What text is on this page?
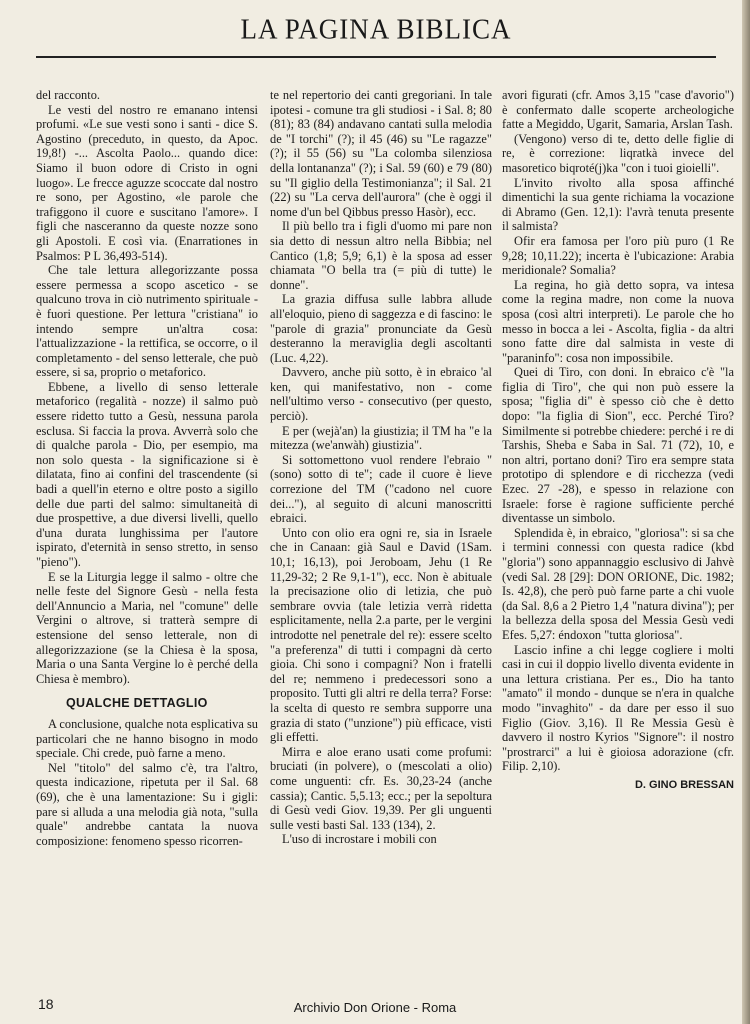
LA PAGINA BIBLICA

del racconto.

Le vesti del nostro re emanano intensi profumi. «Le sue vesti sono i santi - dice S. Agostino (preceduto, in questo, da Apoc. 19,8!) -... Ascolta Paolo... quando dice: Siamo il buon odore di Cristo in ogni luogo». Le frecce aguzze scoccate dal nostro re sono, per Agostino, «le parole che trafiggono il cuore e suscitano l'amore». I figli che nasceranno da queste nozze sono gli Apostoli. E così via. (Enarrationes in Psalmos: P L 36,493-514).

Che tale lettura allegorizzante possa essere permessa a scopo ascetico - se qualcuno trova in ciò nutrimento spirituale - è fuori questione. Per lettura "cristiana" io intendo sempre un'altra cosa: l'attualizzazione - la rettifica, se occorre, o il completamento - del senso letterale, che può essere, si sa, proprio o metaforico.

Ebbene, a livello di senso letterale metaforico (regalità - nozze) il salmo può essere ridetto tutto a Gesù, nessuna parola esclusa. Si faccia la prova. Avverrà solo che di qualche parola - Dio, per esempio, ma non solo questa - la significazione si è dilatata, fino ai confini del trascendente (si badi a quell'in eterno e oltre posto a sigillo delle due parti del salmo: simultaneità di due prospettive, a due diversi livelli, quello d'una durata lunghissima per l'autore ispirato, d'eternità in senso stretto, in senso "pieno").

E se la Liturgia legge il salmo - oltre che nelle feste del Signore Gesù - nella festa dell'Annuncio a Maria, nel "comune" delle Vergini o altrove, si tratterà sempre di estensione del senso letterale, non di allegorizzazione (se la Chiesa è la sposa, Maria o una Santa Vergine lo è perché della Chiesa è membro).

QUALCHE DETTAGLIO

A conclusione, qualche nota esplicativa su particolari che ne hanno bisogno in modo speciale. Chi crede, può farne a meno.

Nel "titolo" del salmo c'è, tra l'altro, questa indicazione, ripetuta per il Sal. 68 (69), che è una lamentazione: Su i gigli: pare si alluda a una melodia già nota, "sulla quale" andrebbe cantata la nuova composizione: fenomeno spesso ricorren-

te nel repertorio dei canti gregoriani. In tale ipotesi - comune tra gli studiosi - i Sal. 8; 80 (81); 83 (84) andavano cantati sulla melodia de "I torchi" (?); il 45 (46) su "Le ragazze" (?); il 55 (56) su "La colomba silenziosa della lontananza" (?); i Sal. 59 (60) e 79 (80) su "Il giglio della Testimonianza"; il Sal. 21 (22) su "La cerva dell'aurora" (che è oggi il nome d'un bel Qibbus presso Hasòr), ecc.

Il più bello tra i figli d'uomo mi pare non sia detto di nessun altro nella Bibbia; nel Cantico (1,8; 5,9; 6,1) è la sposa ad esser chiamata "O bella tra (= più di tutte) le donne".

La grazia diffusa sulle labbra allude all'eloquio, pieno di saggezza e di fascino: le "parole di grazia" pronunciate da Gesù desteranno la meraviglia degli ascoltanti (Luc. 4,22).

Davvero, anche più sotto, è in ebraico 'al ken, qui manifestativo, non - come nell'ultimo verso - consecutivo (per questo, perciò).

E per (wejà'an) la giustizia; il TM ha "e la mitezza (we'anwàh) giustizia".

Si sottomettono vuol rendere l'ebraio "(sono) sotto di te"; cade il cuore è lieve correzione del TM ("cadono nel cuore dei..."), al seguito di alcuni manoscritti ebraici.

Unto con olio era ogni re, sia in Israele che in Canaan: già Saul e David (1Sam. 10,1; 16,13), poi Jeroboam, Jehu (1 Re 11,29-32; 2 Re 9,1-1"), ecc. Non è abituale la precisazione olio di letizia, che può sembrare ovvia (tale letizia verrà ridetta esplicitamente, nella 2.a parte, per le vergini introdotte nel penetrale del re): essere scelto "a preferenza" di tutti i compagni dà certo gioia. Chi sono i compagni? Non i fratelli del re; nemmeno i predecessori sono a proposito. Tutti gli altri re della terra? Forse: la scelta di questo re sembra supporre una grazia di stato ("unzione") più efficace, visti gli effetti.

Mirra e aloe erano usati come profumi: bruciati (in polvere), o (mescolati a olio) come unguenti: cfr. Es. 30,23-24 (anche cassia); Cantic. 5,5.13; ecc.; per la sepoltura di Gesù vedi Giov. 19,39. Per gli unguenti sulle vesti basti Sal. 133 (134), 2.

L'uso di incrostare i mobili con

avori figurati (cfr. Amos 3,15 "case d'avorio") è confermato dalle scoperte archeologiche fatte a Megiddo, Ugarit, Samaria, Arslan Tash.

(Vengono) verso di te, detto delle figlie di re, è correzione: liqratkà invece del masoretico biqroté(j)ka "con i tuoi gioielli".

L'invito rivolto alla sposa affinché dimentichi la sua gente richiama la vocazione di Abramo (Gen. 12,1): l'avrà tenuta presente il salmista?

Ofir era famosa per l'oro più puro (1 Re 9,28; 10,11.22); incerta è l'ubicazione: Arabia meridionale? Somalia?

La regina, ho già detto sopra, va intesa come la regina madre, non come la nuova sposa (così altri interpreti). Le parole che ho messo in bocca a lei - Ascolta, figlia - da altri sono fatte dire dal salmista in veste di "paraninfo": cosa non impossibile.

Quei di Tiro, con doni. In ebraico c'è "la figlia di Tiro", che qui non può essere la sposa; "figlia di" è spesso ciò che è detto dopo: "la figlia di Sion", ecc. Perché Tiro? Similmente si potrebbe chiedere: perché i re di Tarshis, Sheba e Saba in Sal. 71 (72), 10, e non altri, portano doni? Tiro era sempre stata prototipo di splendore e di ricchezza (vedi Ezec. 27 -28), e spesso in relazione con Israele: forse è ragione sufficiente perché diventasse un simbolo.

Splendida è, in ebraico, "gloriosa": si sa che i termini connessi con questa radice (kbd "gloria") sono appannaggio esclusivo di Jahvè (vedi Sal. 28 [29]: DON ORIONE, Dic. 1982; Is. 42,8), che però può farne parte a chi vuole (da Sal. 8,6 a 2 Pietro 1,4 "natura divina"); per la bellezza della sposa del Messia Gesù vedi Efes. 5,27: éndoxon "tutta gloriosa".

Lascio infine a chi legge cogliere i molti casi in cui il doppio livello diventa evidente in una lettura cristiana. Per es., Dio ha tanto "amato" il mondo - dunque se n'era in qualche modo "invaghito" - da dare per esso il suo Figlio (Giov. 3,16). Il Re Messia Gesù è davvero il nostro Kyrios "Signore": il nostro "prostrarci" a lui è gioiosa adorazione (cfr. Filip. 2,10).

D. GINO BRESSAN
18	Archivio Don Orione - Roma
